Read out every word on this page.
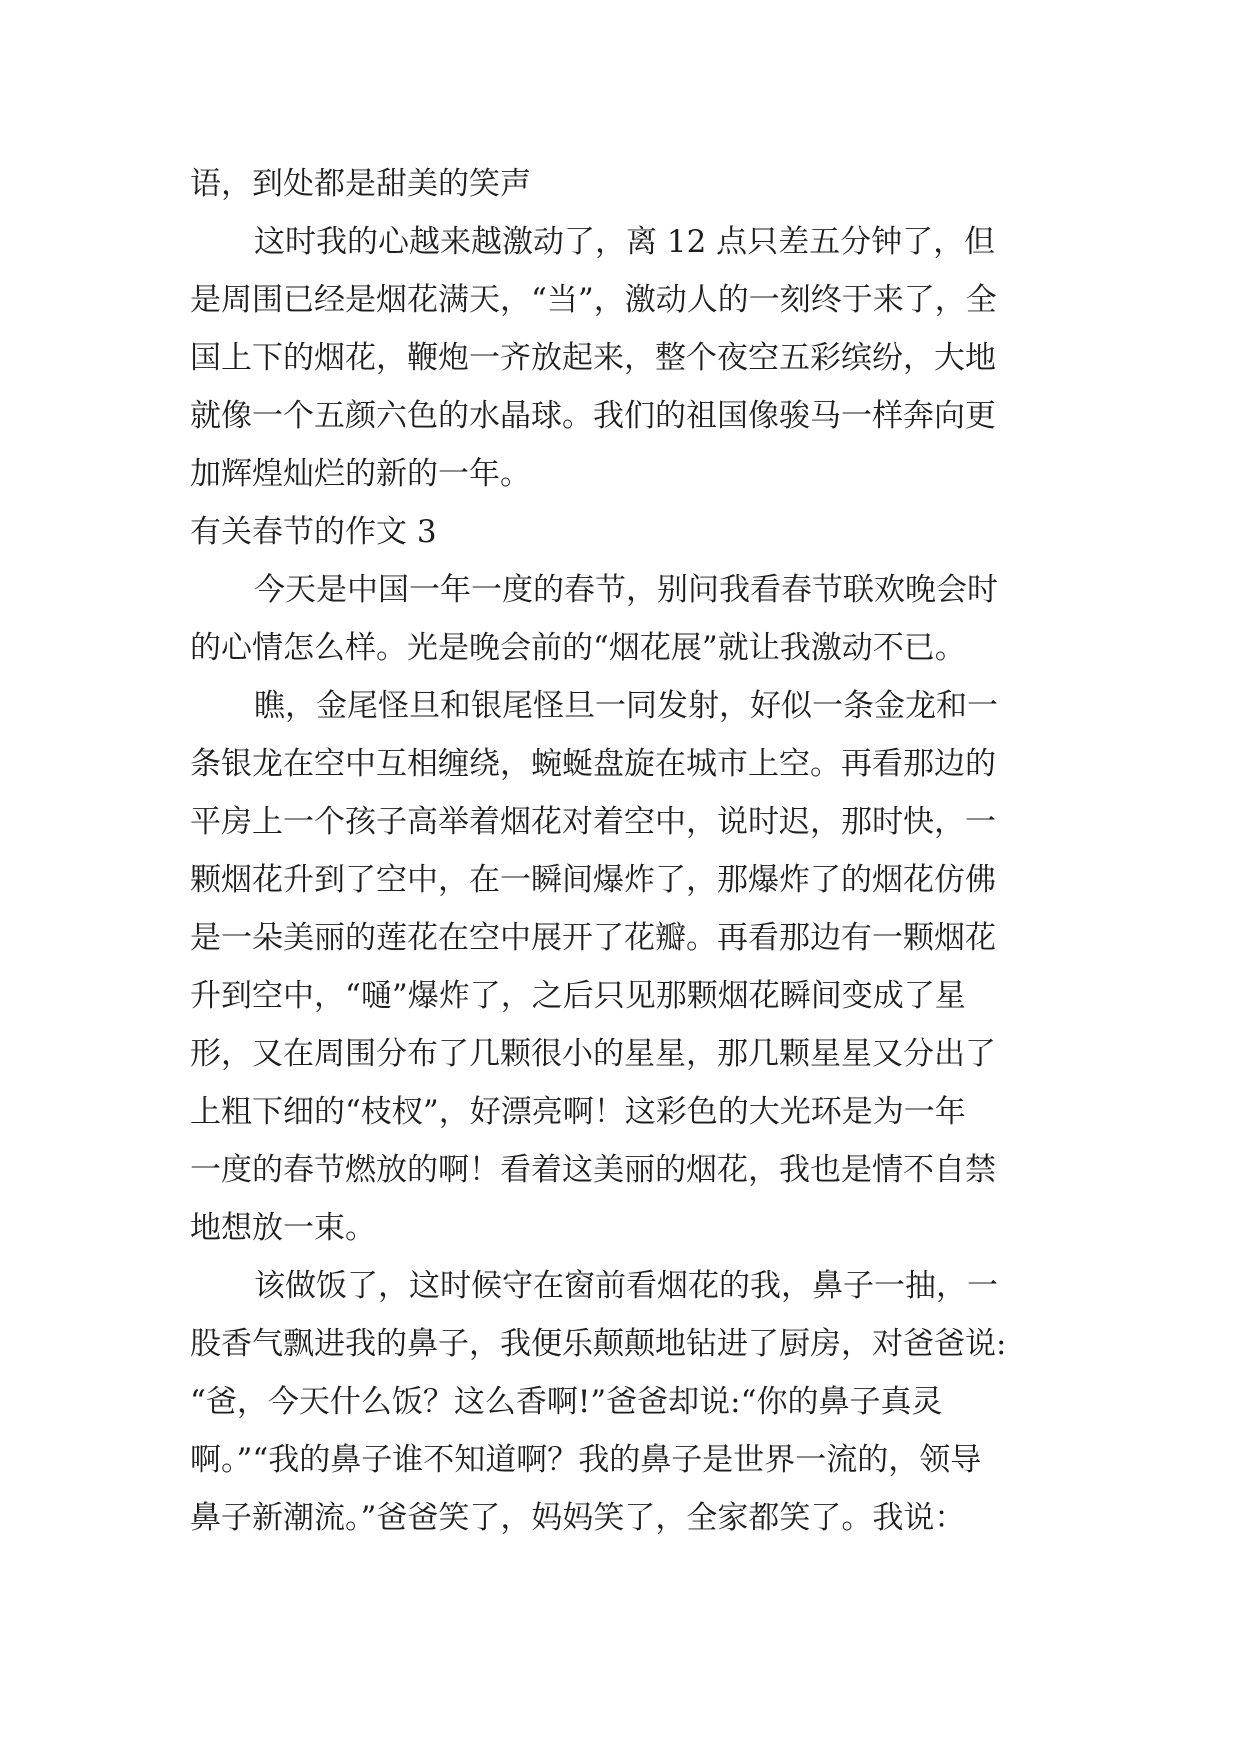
语，到处都是甜美的笑声
这时我的心越来越激动了，离 12 点只差五分钟了，但
是周围已经是烟花满天，“当”，激动人的一刻终于来了，全
国上下的烟花，鞭炮一齐放起来，整个夜空五彩缤纷，大地
就像一个五颜六色的水晶球。我们的祖国像骏马一样奔向更
加辉煌灿烂的新的一年。
有关春节的作文 3
今天是中国一年一度的春节，别问我看春节联欢晚会时
的心情怎么样。光是晚会前的“烟花展”就让我激动不已。
瞧，金尾怪旦和银尾怪旦一同发射，好似一条金龙和一
条银龙在空中互相缠绕，蜿蜒盘旋在城市上空。再看那边的
平房上一个孩子高举着烟花对着空中，说时迟，那时快，一
颗烟花升到了空中，在一瞬间爆炸了，那爆炸了的烟花仿佛
是一朵美丽的莲花在空中展开了花瓣。再看那边有一颗烟花
升到空中，“嗵”爆炸了，之后只见那颗烟花瞬间变成了星
形，又在周围分布了几颗很小的星星，那几颗星星又分出了
上粗下细的“枝杈”，好漂亮啊！这彩色的大光环是为一年
一度的春节燃放的啊！看着这美丽的烟花，我也是情不自禁
地想放一束。
该做饭了，这时候守在窗前看烟花的我，鼻子一抽，一
股香气飘进我的鼻子，我便乐颠颠地钻进了厨房，对爸爸说:
“爸，今天什么饭？这么香啊!”爸爸却说:“你的鼻子真灵
啊。”“我的鼻子谁不知道啊？我的鼻子是世界一流的，领导
鼻子新潮流。”爸爸笑了，妈妈笑了，全家都笑了。我说：
